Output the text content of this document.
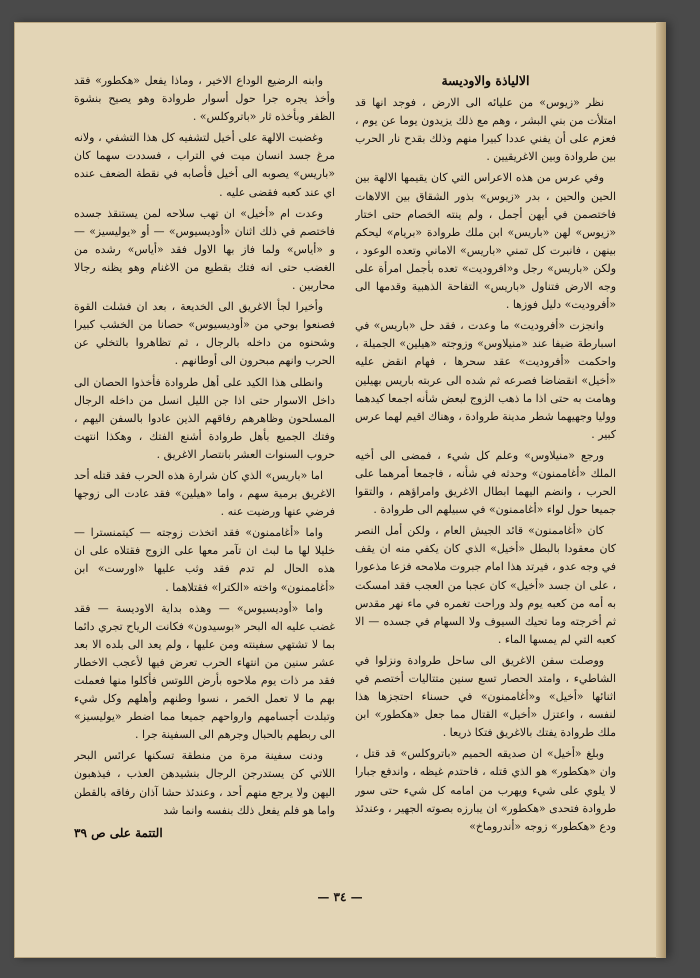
الالياذة والاوديسة

نظر «زيوس» من عليائه الى الارض ، فوجد انها قد امتلأت من بني البشر ، وهم مع ذلك يزيدون يوما عن يوم ، فعزم على أن يفني عددا كبيرا منهم وذلك بقدح نار الحرب بين طروادة وبين الاغريقيين .

وفي عرس من هذه الاعراس التي كان يقيمها الالهة بين الحين والحين ، بدر «زيوس» بذور الشقاق بين الالاهات فاختصمن في أيهن أجمل ، ولم ينته الخصام حتى اختار «زيوس» لهن «باريس» ابن ملك طروادة «بريام» ليحكم بينهن ، فانبرت كل تمني «باريس» الاماني وتعده الوعود ، ولكن «باريس» رجل و«افروديت» تعده بأجمل امرأة على وجه الارض فتناول «باريس» التفاحة الذهبية وقدمها الى «أفروديت» دليل فوزها .

وانجزت «أفروديت» ما وعدت ، فقد حل «باريس» في اسبارطة ضيفا عند «منيلاوس» وزوجته «هيلين» الجميلة ، واحكمت «أفروديت» عقد سحرها ، فهام انقض عليه «أخيل» انقضاضا فصرعه ثم شده الى عربته باريس بهيلين وهامت به حتى اذا ما ذهب الزوج لبعض شأنه اجمعا كيدهما ووليا وجهيهما شطر مدينة طروادة ، وهناك اقيم لهما عرس كبير .

ورجع «منيلاوس» وعلم كل شيء ، فمضى الى أخيه الملك «أغاممنون» وحدثه في شأنه ، فاجمعا أمرهما على الحرب ، وانضم اليهما ابطال الاغريق وامراؤهم ، والتقوا جميعا حول لواء «أغاممنون» في سبيلهم الى طروادة .

كان «أغاممنون» قائد الجيش العام ، ولكن أمل النصر كان معقودا بالبطل «أخيل» الذي كان يكفي منه ان يقف في وجه عدو ، فيرتد هذا امام جبروت ملامحه فزعا مذعورا ، على ان جسد «أخيل» كان عجبا من العجب فقد امسكت به أمه من كعبه يوم ولد وراحت تغمره في ماء نهر مقدس ثم أخرجته وما تحيك السيوف ولا السهام في جسده — الا كعبه التي لم يمسها الماء .

ووصلت سفن الاغريق الى ساحل طروادة ونزلوا في الشاطيء ، وامتد الحصار تسع سنين متتاليات أختصم في اثنائها «أخيل» و«أغاممنون» في حسناء احتجزها هذا لنفسه ، واعتزل «أخيل» القتال مما جعل «هكطور» ابن ملك طروادة يفتك بالاغريق فتكا ذريعا .

وبلغ «أخيل» ان صديقه الحميم «باتروكلس» قد قتل ، وان «هكطور» هو الذي قتله ، فاحتدم غيظه ، واندفع جبارا لا يلوي على شيء ويهرب من امامه كل شيء حتى سور طروادة فتحدى «هكطور» ان يبارزه بصوته الجهير ، وعندئذ ودع «هكطور» زوجه «أندروماخ»

وابنه الرضيع الوداع الاخير ، وماذا يفعل «هكطور» فقد وأخذ يجره جرا حول أسوار طروادة وهو يصيح بنشوة الظفر وبأخذه ثار «باتروكلس» .

وغضبت الالهة على أخيل لتشفيه كل هذا التشفي ، ولانه مرغ جسد انسان ميت في التراب ، فسددت سهما كان «باريس» يصوبه الى أخيل فأصابه في نقطة الضعف عنده اي عند كعبه فقضى عليه .

وعدت ام «أخيل» ان تهب سلاحه لمن يستنقذ جسده فاختصم في ذلك اثنان «أوديسيوس» — أو «يوليسيز» — و «أياس» ولما فاز بها الاول فقد «أياس» رشده من الغضب حتى انه فتك بقطيع من الاغنام وهو يظنه رجالا محاربين .

وأخيرا لجأ الاغريق الى الخديعة ، بعد ان فشلت القوة فصنعوا بوحي من «أوديسيوس» حصانا من الخشب كبيرا وشحنوه من داخله بالرجال ، ثم تظاهروا بالتخلي عن الحرب وانهم مبحرون الى أوطانهم .

وانطلى هذا الكيد على أهل طروادة فأخذوا الحصان الى داخل الاسوار حتى اذا جن الليل انسل من داخله الرجال المسلحون وظاهرهم رفاقهم الذين عادوا بالسفن اليهم ، وفتك الجميع بأهل طروادة أشنع الفتك ، وهكذا انتهت حروب السنوات العشر بانتصار الاغريق .

اما «باريس» الذي كان شرارة هذه الحرب فقد قتله أحد الاغريق برمية سهم ، واما «هيلين» فقد عادت الى زوجها فرضي عنها ورضيت عنه .

واما «أغاممنون» فقد اتخذت زوجته — كيتمنسترا — خليلا لها ما لبث ان تآمر معها على الزوج فقتلاه على ان هذه الحال لم تدم فقد وثب عليها «اورست» ابن «أغاممنون» واخته «الكترا» فقتلاهما .

واما «أوديسيوس» — وهذه بداية الاوديسة — فقد غضب عليه اله البحر «بوسيدون» فكانت الرياح تجري دائما بما لا تشتهي سفينته ومن عليها ، ولم يعد الى بلده الا بعد عشر سنين من انتهاء الحرب تعرض فيها لأعجب الاخطار فقد مر ذات يوم ملاحوه بأرض اللوتس فأكلوا منها فعملت بهم ما لا تعمل الخمر ، نسوا وطنهم وأهلهم وكل شيء وتبلدت أجسامهم وارواحهم جميعا مما اضطر «يوليسيز» الى ربطهم بالحبال وجرهم الى السفينة جرا .

ودنت سفينة مرة من منطقة تسكنها عرائس البحر اللاتي كن يستدرجن الرجال بنشيدهن العذب ، فيذهبون اليهن ولا يرجع منهم أحد ، وعندئذ حشا آذان رفاقه بالقطن واما هو فلم يفعل ذلك بنفسه وانما شد

التتمة على ص ٣٩
— ٣٤ —
